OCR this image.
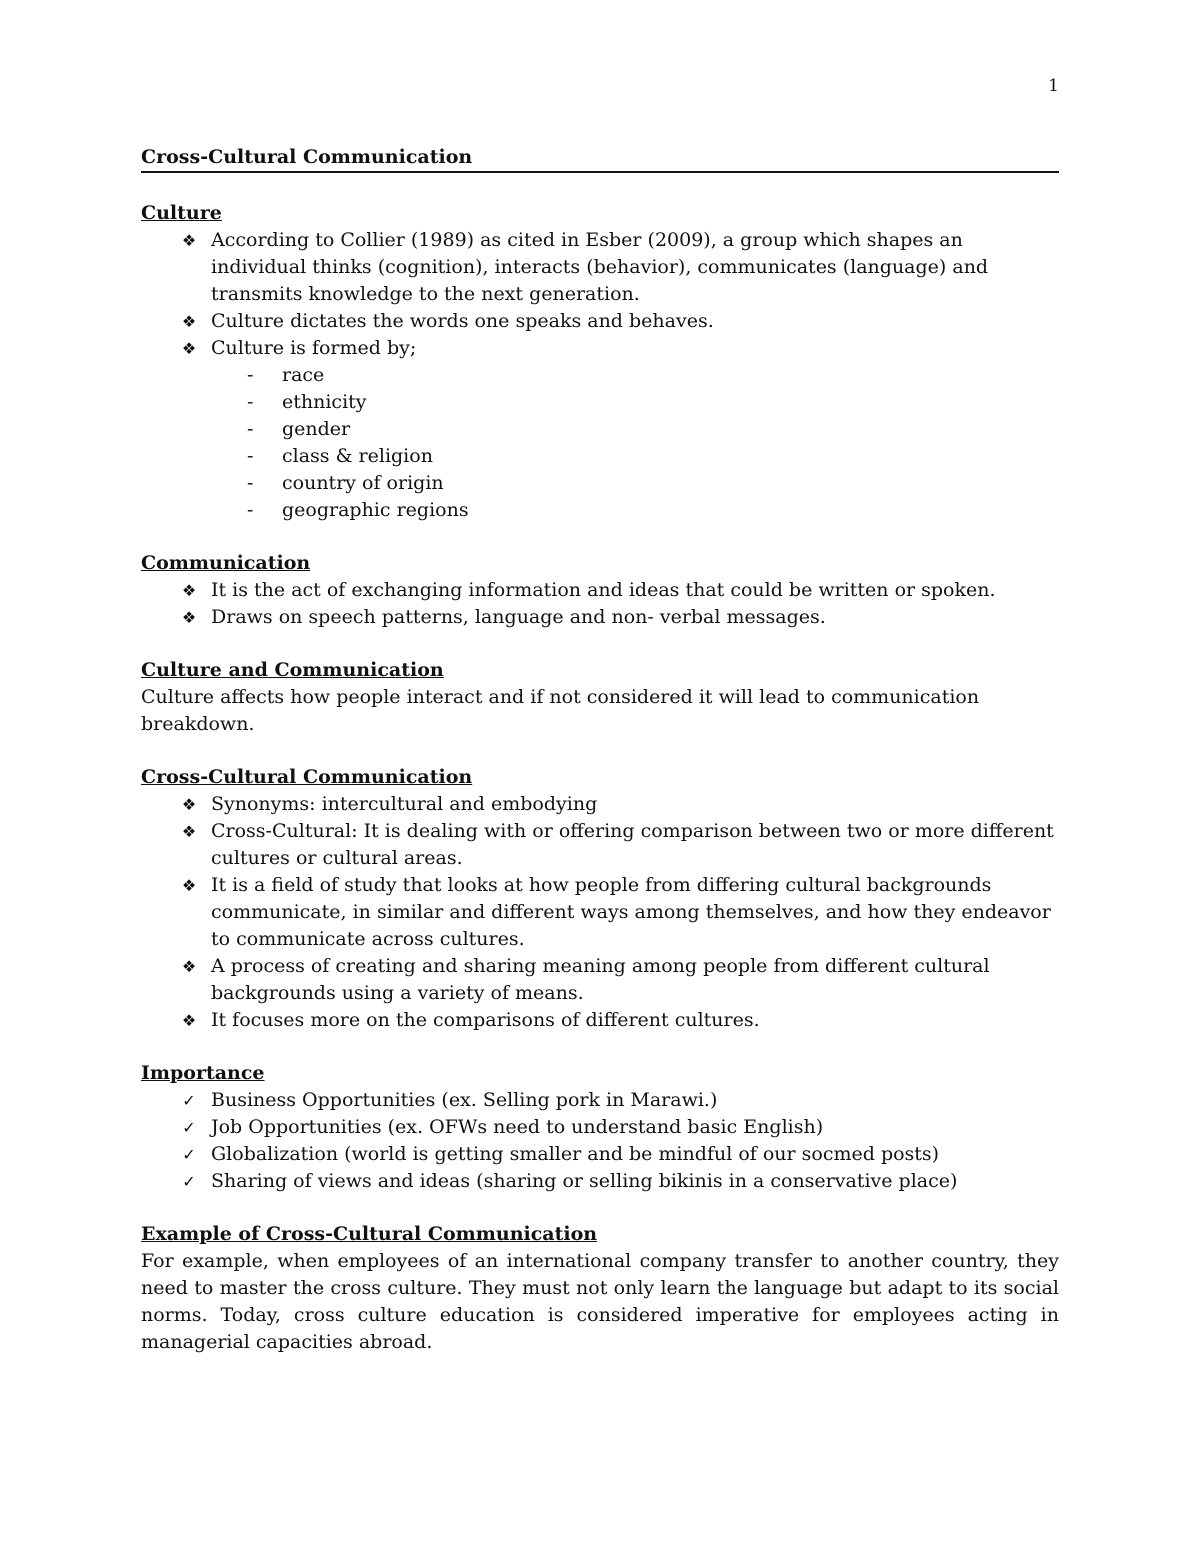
1
Cross-Cultural Communication
Culture
❖ According to Collier (1989) as cited in Esber (2009), a group which shapes an individual thinks (cognition), interacts (behavior), communicates (language) and transmits knowledge to the next generation.
❖ Culture dictates the words one speaks and behaves.
❖ Culture is formed by;
- race
- ethnicity
- gender
- class & religion
- country of origin
- geographic regions
Communication
❖ It is the act of exchanging information and ideas that could be written or spoken.
❖ Draws on speech patterns, language and non- verbal messages.
Culture and Communication

Culture affects how people interact and if not considered it will lead to communication breakdown.

Cross-Cultural Communication
❖ Synonyms: intercultural and embodying
❖ Cross-Cultural: It is dealing with or offering comparison between two or more different cultures or cultural areas.
❖ It is a field of study that looks at how people from differing cultural backgrounds communicate, in similar and different ways among themselves, and how they endeavor to communicate across cultures.
❖ A process of creating and sharing meaning among people from different cultural backgrounds using a variety of means.
❖ It focuses more on the comparisons of different cultures.
Importance
✓ Business Opportunities (ex. Selling pork in Marawi.)
✓ Job Opportunities (ex. OFWs need to understand basic English)
✓ Globalization (world is getting smaller and be mindful of our socmed posts)
✓ Sharing of views and ideas (sharing or selling bikinis in a conservative place)
Example of Cross-Cultural Communication

For example, when employees of an international company transfer to another country, they need to master the cross culture. They must not only learn the language but adapt to its social norms. Today, cross culture education is considered imperative for employees acting in managerial capacities abroad.
